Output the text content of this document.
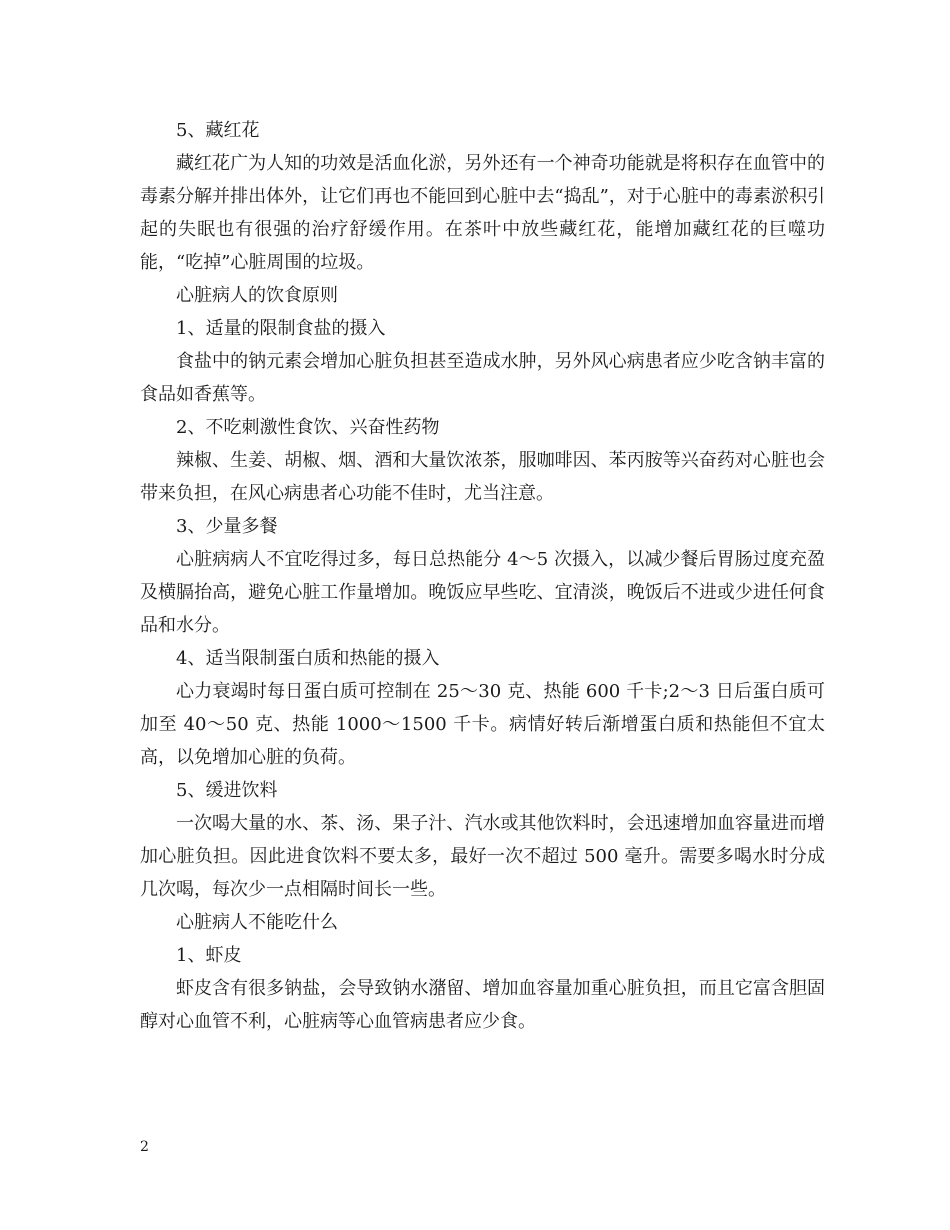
5、藏红花

藏红花广为人知的功效是活血化淤，另外还有一个神奇功能就是将积存在血管中的毒素分解并排出体外，让它们再也不能回到心脏中去“捣乱”，对于心脏中的毒素淤积引起的失眠也有很强的治疗舒缓作用。在茶叶中放些藏红花，能增加藏红花的巨噬功能，“吃掉”心脏周围的垃圾。

心脏病人的饮食原则

1、适量的限制食盐的摄入

食盐中的钠元素会增加心脏负担甚至造成水肿，另外风心病患者应少吃含钠丰富的食品如香蕉等。

2、不吃刺激性食饮、兴奋性药物

辣椒、生姜、胡椒、烟、酒和大量饮浓茶，服咖啡因、苯丙胺等兴奋药对心脏也会带来负担，在风心病患者心功能不佳时，尤当注意。

3、少量多餐

心脏病病人不宜吃得过多，每日总热能分 4～5 次摄入，以减少餐后胃肠过度充盈及横膈抬高，避免心脏工作量增加。晚饭应早些吃、宜清淡，晚饭后不进或少进任何食品和水分。

4、适当限制蛋白质和热能的摄入

心力衰竭时每日蛋白质可控制在 25～30 克、热能 600 千卡;2～3 日后蛋白质可加至 40～50 克、热能 1000～1500 千卡。病情好转后渐增蛋白质和热能但不宜太高，以免增加心脏的负荷。

5、缓进饮料

一次喝大量的水、茶、汤、果子汁、汽水或其他饮料时，会迅速增加血容量进而增加心脏负担。因此进食饮料不要太多，最好一次不超过 500 毫升。需要多喝水时分成几次喝，每次少一点相隔时间长一些。

心脏病人不能吃什么

1、虾皮

虾皮含有很多钠盐，会导致钠水潴留、增加血容量加重心脏负担，而且它富含胆固醇对心血管不利，心脏病等心血管病患者应少食。

2
